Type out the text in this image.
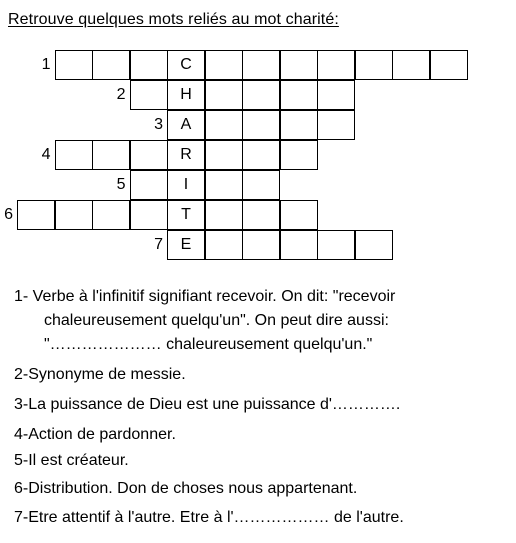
Retrouve quelques mots reliés au mot charité:
C
1
H
2
A
3
R
4
I
5
T
6
E
7
1- Verbe à l'infinitif signifiant recevoir. On dit: "recevoir
chaleureusement quelqu'un". On peut dire aussi:
"………………… chaleureusement quelqu'un."
2-Synonyme de messie.
3-La puissance de Dieu est une puissance d'………….
4-Action de pardonner.
5-Il est créateur.
6-Distribution. Don de choses nous appartenant.
7-Etre attentif à l'autre. Etre à l'……………… de l'autre.
